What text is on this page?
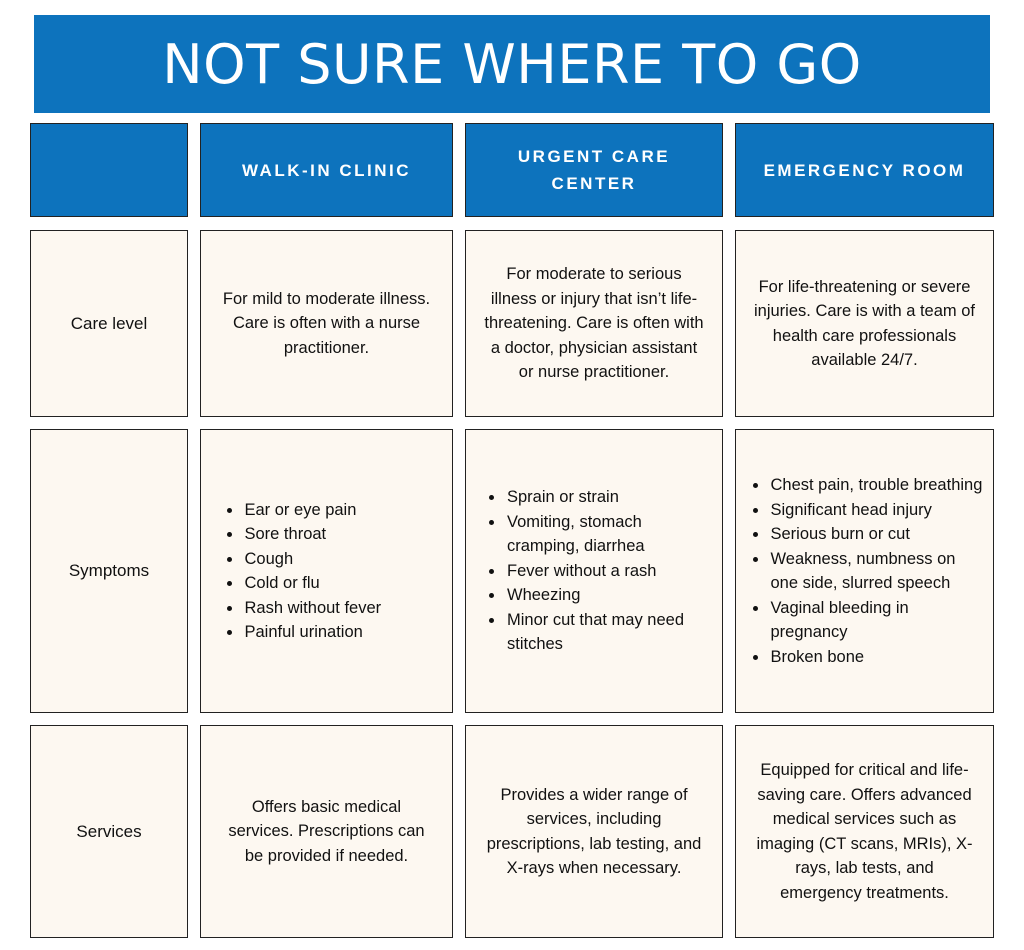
NOT SURE WHERE TO GO
WALK-IN CLINIC
URGENT CARE CENTER
EMERGENCY ROOM
Care level
For mild to moderate illness. Care is often with a nurse practitioner.
For moderate to serious illness or injury that isn’t life-threatening. Care is often with a doctor, physician assistant or nurse practitioner.
For life-threatening or severe injuries. Care is with a team of health care professionals available 24/7.
Symptoms
• Ear or eye pain
• Sore throat
• Cough
• Cold or flu
• Rash without fever
• Painful urination
• Sprain or strain
• Vomiting, stomach cramping, diarrhea
• Fever without a rash
• Wheezing
• Minor cut that may need stitches
• Chest pain, trouble breathing
• Significant head injury
• Serious burn or cut
• Weakness, numbness on one side, slurred speech
• Vaginal bleeding in pregnancy
• Broken bone
Services
Offers basic medical services. Prescriptions can be provided if needed.
Provides a wider range of services, including prescriptions, lab testing, and X-rays when necessary.
Equipped for critical and life-saving care. Offers advanced medical services such as imaging (CT scans, MRIs), X-rays, lab tests, and emergency treatments.
